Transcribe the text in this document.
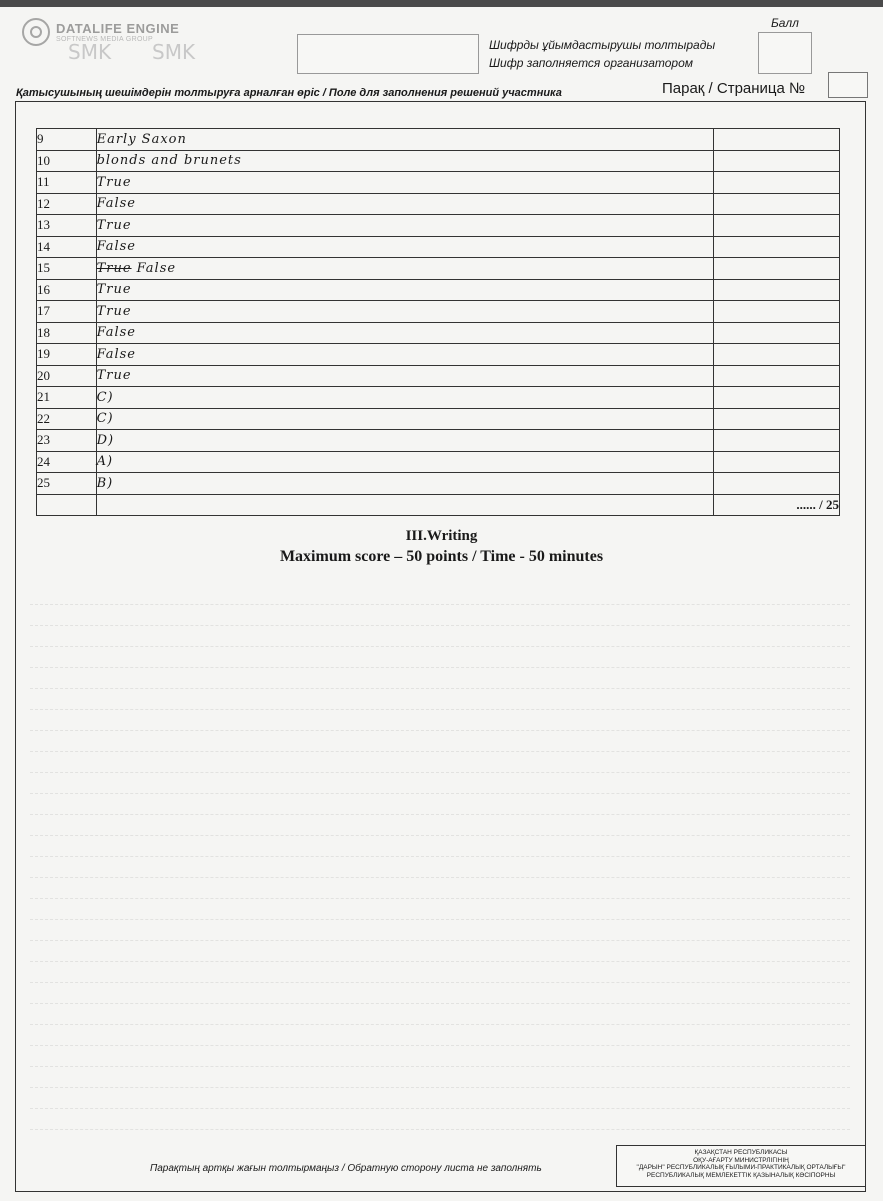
DATALIFE ENGINE
SOFTNEWS MEDIA GROUP
SMK SMK	Шифрды ұйымдастырушы толтырады
Шифр заполняется организатором
Балл
Қатысушының шешімдерін толтыруға арналған өріс / Поле для заполнения решений участника	Парақ / Страница №
9	Early Saxon	
10	blonds and brunets	
11	True	
12	False	
13	True	
14	False	
15	True False	
16	True	
17	True	
18	False	
19	False	
20	True	
21	C)	
22	C)	
23	D)	
24	A)	
25	B)	
		...... / 25
III.Writing
Maximum score – 50 points / Time - 50 minutes
Парақтың артқы жағын толтырмаңыз / Обратную сторону листа не заполнять
ҚАЗАҚСТАН РЕСПУБЛИКАСЫ
ОҚУ-АҒАРТУ МИНИСТРЛІГІНІҢ
"ДАРЫН" РЕСПУБЛИКАЛЫҚ ҒЫЛЫМИ-ПРАКТИКАЛЫҚ ОРТАЛЫҒЫ"
РЕСПУБЛИКАЛЫҚ МЕМЛЕКЕТТІК ҚАЗЫНАЛЫҚ КӘСІПОРНЫ
